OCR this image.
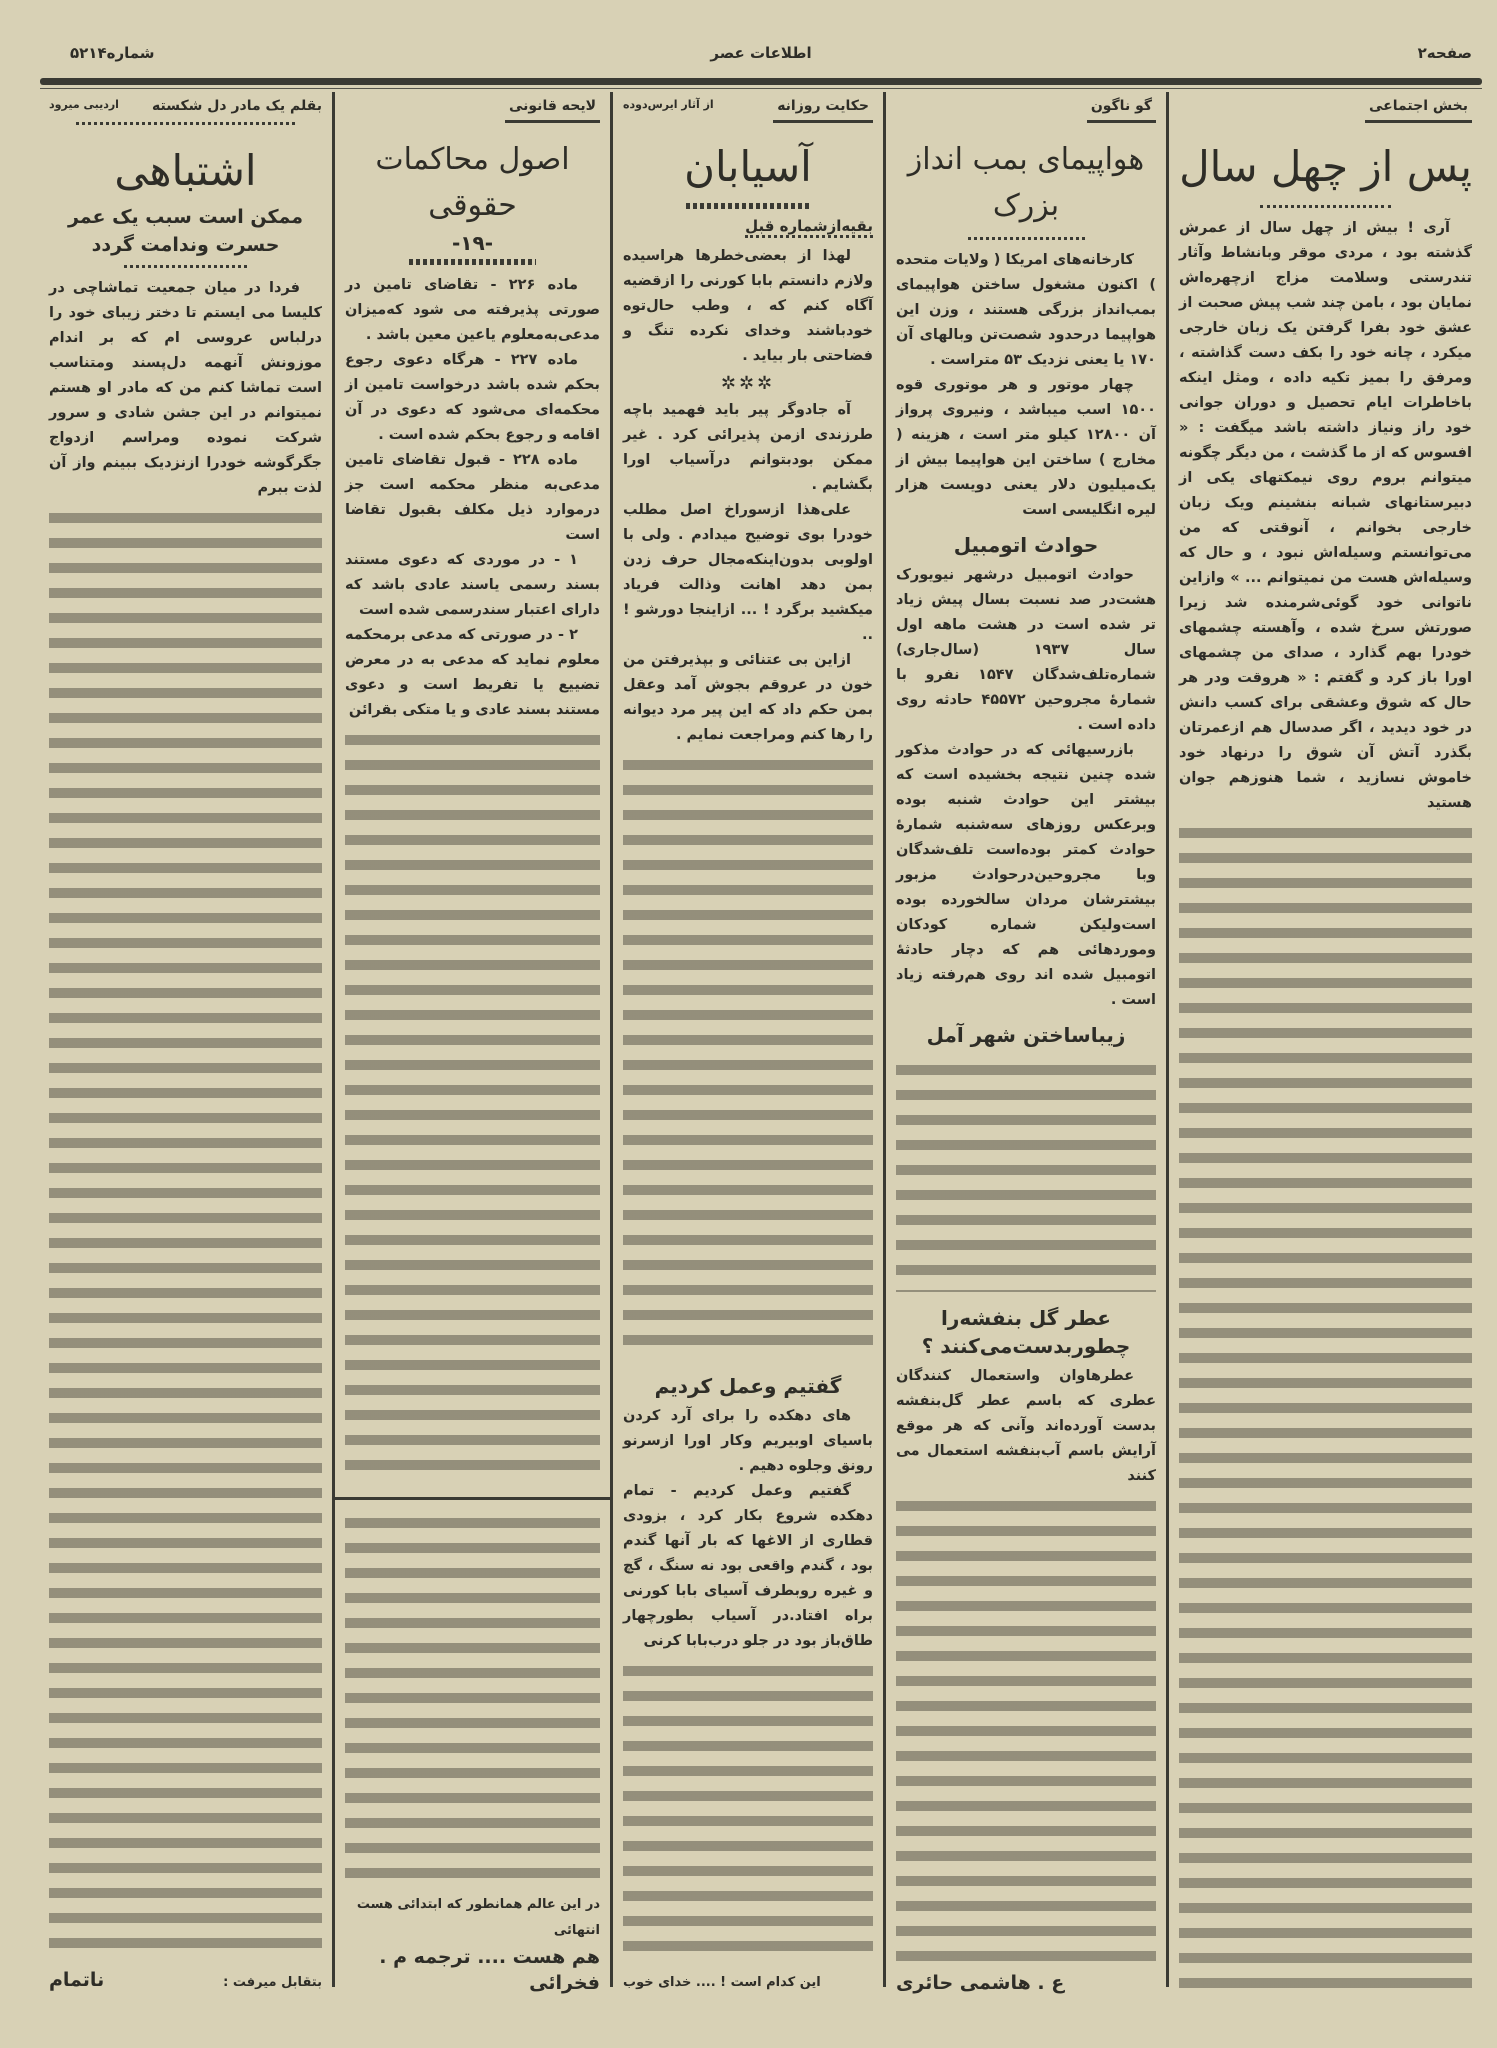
صفحه۲
اطلاعات عصر
شماره۵۲۱۴
بخش اجتماعی
پس از چهل سال

آری ! بیش از چهل سال از عمرش گذشته بود ، مردی موقر وبانشاط وآثار تندرستی وسلامت مزاج ازچهره‌اش نمایان بود ، بامن چند شب پیش صحبت از عشق خود بفرا گرفتن یک زبان خارجی میکرد ، چانه خود را بکف دست گذاشته ، ومرفق را بمیز تکیه داده ، ومثل اینکه باخاطرات ایام تحصیل و دوران جوانی خود راز ونیاز داشته باشد میگفت : « افسوس که از ما گذشت ، من دیگر چگونه میتوانم بروم روی نیمکتهای یکی از دبیرستانهای شبانه بنشینم ویک زبان خارجی بخوانم ، آنوقتی که من می‌توانستم وسیله‌اش نبود ، و حال که وسیله‌اش هست من نمیتوانم ... » وازاین ناتوانی خود گوئی‌شرمنده شد زیرا صورتش سرخ شده ، وآهسته چشمهای خودرا بهم گذارد ، صدای من چشمهای اورا باز کرد و گفتم : « هروقت ودر هر حال که شوق وعشقی برای کسب دانش در خود دیدید ، اگر صدسال هم ازعمرتان بگذرد آتش آن شوق را درنهاد خود خاموش نسازید ، شما هنوزهم جوان هستید

گو ناگون
هواپیمای بمب انداز بزرک

کارخانه‌های امریکا ( ولایات متحده ) اکنون مشغول ساختن هواپیمای بمب‌انداز بزرگی هستند ، وزن این هواپیما درحدود شصت‌تن وبالهای آن ۱۷۰ یا یعنی نزدیک ۵۳ متراست .

چهار موتور و هر موتوری قوه ۱۵۰۰ اسب میباشد ، ونیروی پرواز آن ۱۲۸۰۰ کیلو متر است ، هزینه ( مخارج ) ساختن این هواپیما بیش از یک‌میلیون دلار یعنی دویست هزار لیره انگلیسی است

حوادث اتومبیل

حوادث اتومبیل درشهر نیویورک هشت‌در صد نسبت بسال پیش زیاد تر شده است در هشت ماهه اول سال ۱۹۳۷ (سال‌جاری) شماره‌تلف‌شدگان ۱۵۴۷ نفرو با شمارهٔ مجروحین ۴۵۵۷۲ حادثه روی داده است .

بازرسیهائی که در حوادث مذکور شده چنین نتیجه بخشیده است که بیشتر این حوادث شنبه بوده وبرعکس روزهای سه‌شنبه شمارهٔ حوادث کمتر بوده‌است تلف‌شدگان وبا مجروحین‌درحوادث مزبور بیشترشان مردان سالخورده بوده است‌ولیکن شماره کودکان وموردهائی هم که دچار حادثهٔ اتومبیل شده اند روی هم‌رفته زیاد است .

زیباساختن شهر آمل
عطر گل بنفشه‌را چطوربدست‌می‌کنند ؟

عطرهاوان واستعمال کنندگان عطری که باسم عطر گل‌بنفشه بدست آورده‌اند وآنی که هر موقع آرایش باسم آب‌بنفشه استعمال می کنند

ع . هاشمی حائری
حکایت روزانه
از آثار ایرس‌دوده
آسیابان
بقیه‌ازشماره قبل

لهذا از بعضی‌خطرها هراسیده ولازم دانستم بابا کورنی را ازقضیه آگاه کنم که ، وطب حال‌توه خودباشند وخدای نکرده تنگ و فضاحتی بار بیاید .

✲✲✲

آه جادوگر پیر باید فهمید باچه طرزندی ازمن پذیرائی کرد . غیر ممکن بودبتوانم درآسیاب اورا بگشایم .

علی‌هذا ازسوراخ اصل مطلب خودرا بوی توضیح میدادم . ولی با اولوبی بدون‌اینکه‌مجال حرف زدن بمن دهد اهانت وذالت فریاد میکشید برگرد ! ... ازاینجا دورشو ! ..

ازاین بی عتنائی و بپذیرفتن من خون در عروقم بجوش آمد وعقل بمن حکم داد که این پیر مرد دیوانه را رها کنم ومراجعت نمایم .

گفتیم وعمل کردیم

های دهکده را برای آرد کردن باسیای اوبیریم وکار اورا ازسرنو رونق وجلوه دهیم .

گفتیم وعمل کردیم - تمام دهکده شروع بکار کرد ، بزودی قطاری از الاغها که بار آنها گندم بود ، گندم واقعی بود نه سنگ ، گچ و غیره روبطرف آسیای بابا کورنی براه افتاد.در آسیاب بطورچهار طاق‌باز بود در جلو درب‌بابا کرنی

این کدام است ! .... خدای خوب
لایحه قانونی
اصول محاکمات حقوقی
-۱۹-

ماده ۲۲۶ - تقاضای تامین در صورتی پذیرفته می شود که‌میزان مدعی‌به‌معلوم یاعین معین باشد .

ماده ۲۲۷ - هرگاه دعوی رجوع بحکم شده باشد درخواست تامین از محکمه‌ای می‌شود که دعوی در آن اقامه و رجوع بحکم شده است .

ماده ۲۲۸ - قبول تقاضای تامین مدعی‌به منظر محکمه است جز درموارد ذیل مکلف بقبول تقاضا است

۱ - در موردی که دعوی مستند بسند رسمی یاسند عادی باشد که دارای اعتبار سندرسمی شده است

۲ - در صورتی که مدعی برمحکمه معلوم نماید که مدعی به در معرض تضییع یا تفریط است و دعوی مستند بسند عادی و یا متکی بقرائن

در این عالم همانطور که ابتدائی هست انتهائی
هم هست .... ترجمه م . فخرائی
بقلم یک مادر دل شکسته
اردیبی میرود
اشتباهی
ممکن است سبب یک عمر حسرت وندامت گردد

فردا در میان جمعیت تماشاچی در کلیسا می ایستم تا دختر زیبای خود را درلباس عروسی ام که بر اندام موزونش آنهمه دل‌پسند ومتناسب است تماشا کنم من که مادر او هستم نمیتوانم در این جشن شادی و سرور شرکت نموده ومراسم ازدواج جگرگوشه خودرا ازنزدیک ببینم واز آن لذت ببرم

بتقابل میرفت :
ناتمام
